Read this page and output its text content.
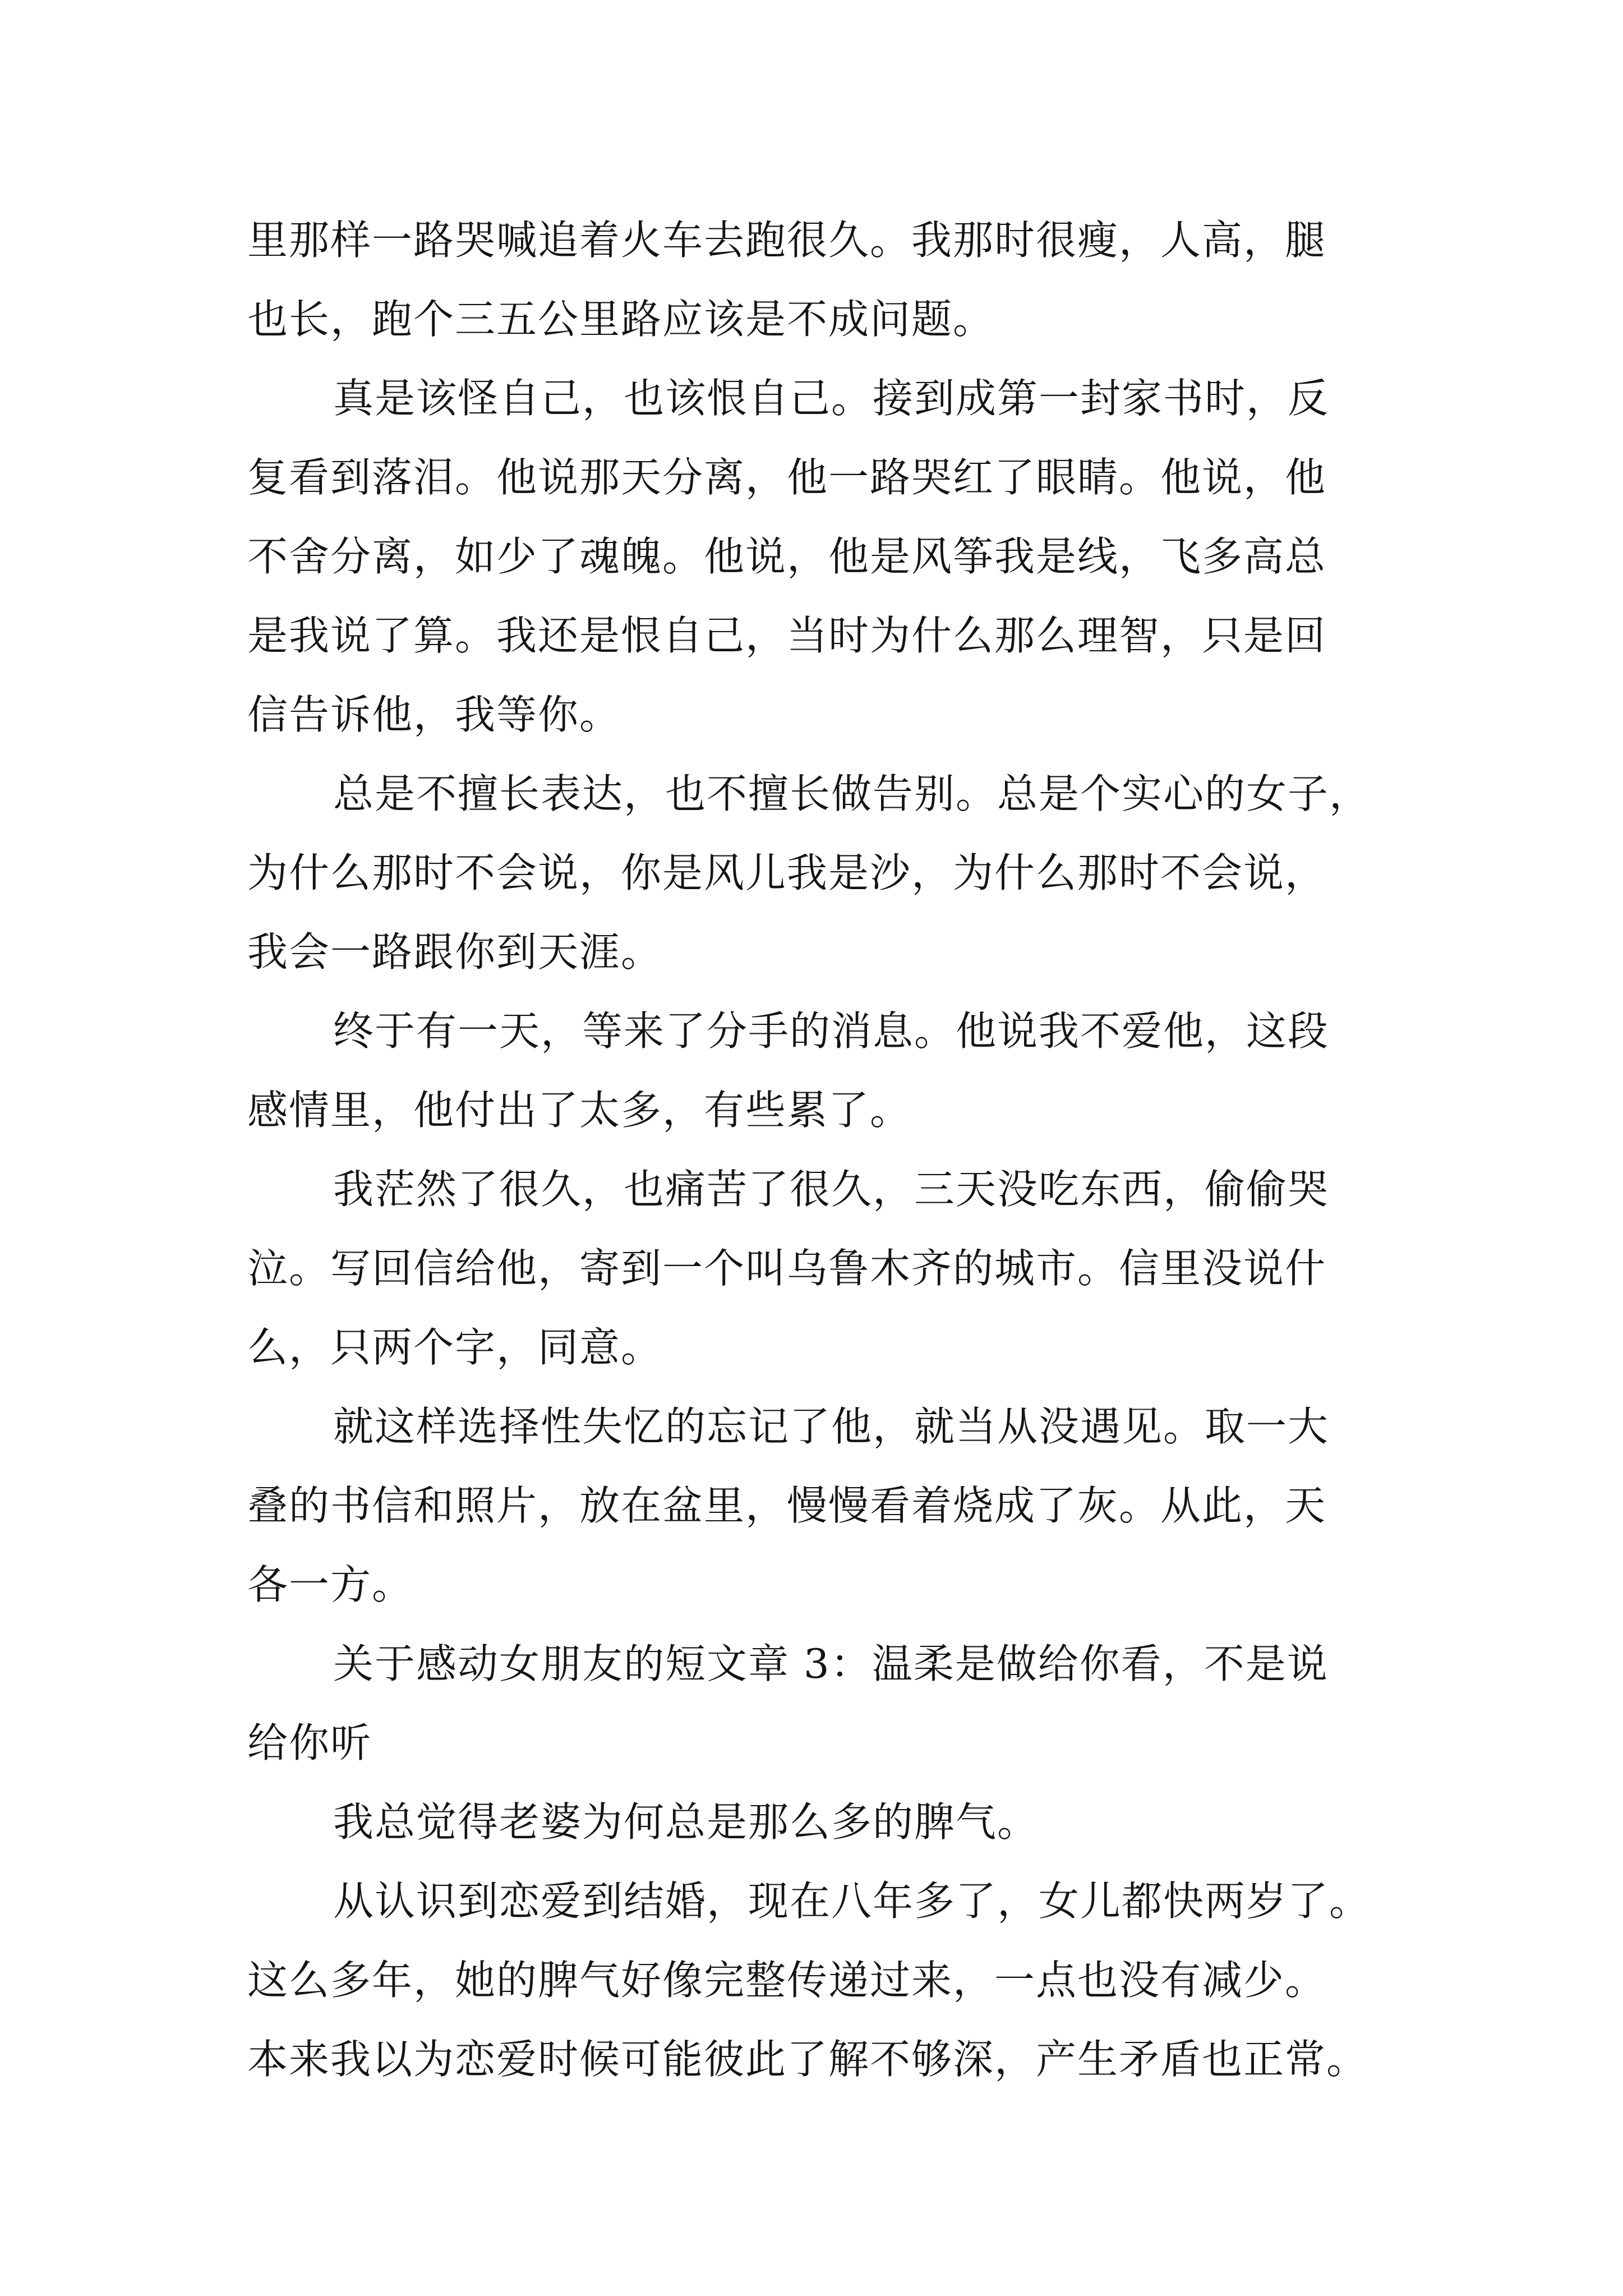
里那样一路哭喊追着火车去跑很久。我那时很瘦，人高，腿
也长，跑个三五公里路应该是不成问题。
真是该怪自己，也该恨自己。接到成第一封家书时，反
复看到落泪。他说那天分离，他一路哭红了眼睛。他说，他
不舍分离，如少了魂魄。他说，他是风筝我是线，飞多高总
是我说了算。我还是恨自己，当时为什么那么理智，只是回
信告诉他，我等你。
总是不擅长表达，也不擅长做告别。总是个实心的女子，
为什么那时不会说，你是风儿我是沙，为什么那时不会说，
我会一路跟你到天涯。
终于有一天，等来了分手的消息。他说我不爱他，这段
感情里，他付出了太多，有些累了。
我茫然了很久，也痛苦了很久，三天没吃东西，偷偷哭
泣。写回信给他，寄到一个叫乌鲁木齐的城市。信里没说什
么，只两个字，同意。
就这样选择性失忆的忘记了他，就当从没遇见。取一大
叠的书信和照片，放在盆里，慢慢看着烧成了灰。从此，天
各一方。
关于感动女朋友的短文章 3：温柔是做给你看，不是说
给你听
我总觉得老婆为何总是那么多的脾气。
从认识到恋爱到结婚，现在八年多了，女儿都快两岁了。
这么多年，她的脾气好像完整传递过来，一点也没有减少。
本来我以为恋爱时候可能彼此了解不够深，产生矛盾也正常。
